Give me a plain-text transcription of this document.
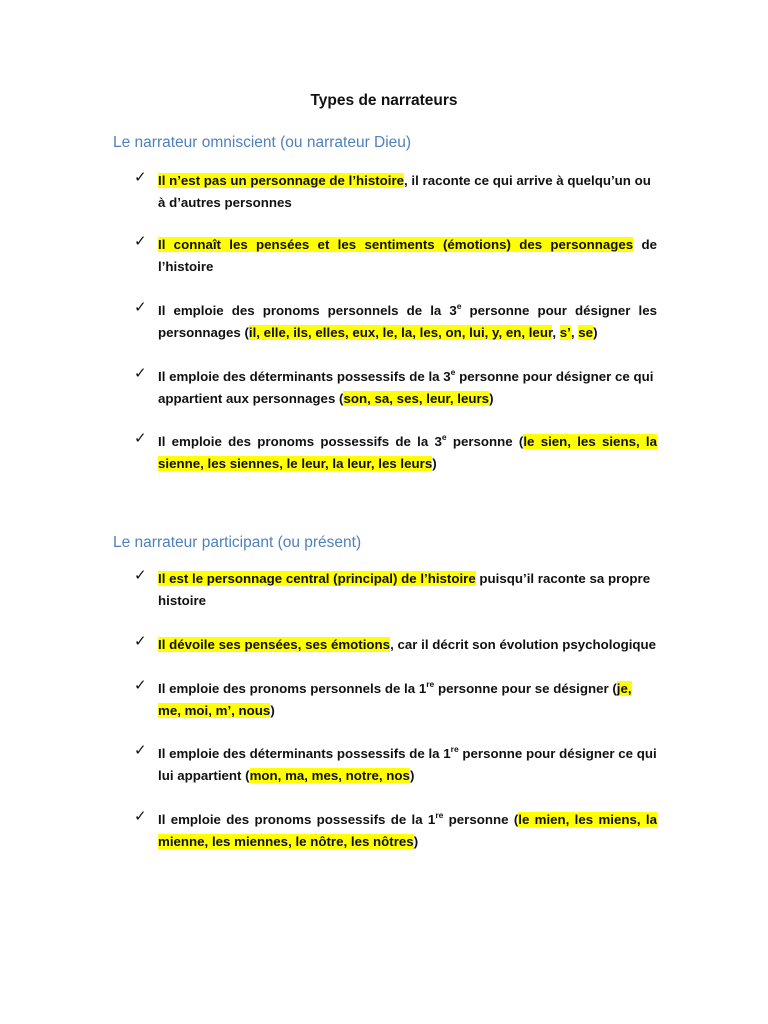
Types de narrateurs
Le narrateur omniscient (ou narrateur Dieu)
✓ Il n’est pas un personnage de l’histoire, il raconte ce qui arrive à quelqu’un ou à d’autres personnes
✓ Il connaît les pensées et les sentiments (émotions) des personnages de l’histoire
✓ Il emploie des pronoms personnels de la 3e personne pour désigner les personnages (il, elle, ils, elles, eux, le, la, les, on, lui, y, en, leur, s’, se)
✓ Il emploie des déterminants possessifs de la 3e personne pour désigner ce qui appartient aux personnages (son, sa, ses, leur, leurs)
✓ Il emploie des pronoms possessifs de la 3e personne (le sien, les siens, la sienne, les siennes, le leur, la leur, les leurs)
Le narrateur participant (ou présent)
✓ Il est le personnage central (principal) de l’histoire puisqu’il raconte sa propre histoire
✓ Il dévoile ses pensées, ses émotions, car il décrit son évolution psychologique
✓ Il emploie des pronoms personnels de la 1re personne pour se désigner (je, me, moi, m’, nous)
✓ Il emploie des déterminants possessifs de la 1re personne pour désigner ce qui lui appartient (mon, ma, mes, notre, nos)
✓ Il emploie des pronoms possessifs de la 1re personne (le mien, les miens, la mienne, les miennes, le nôtre, les nôtres)
